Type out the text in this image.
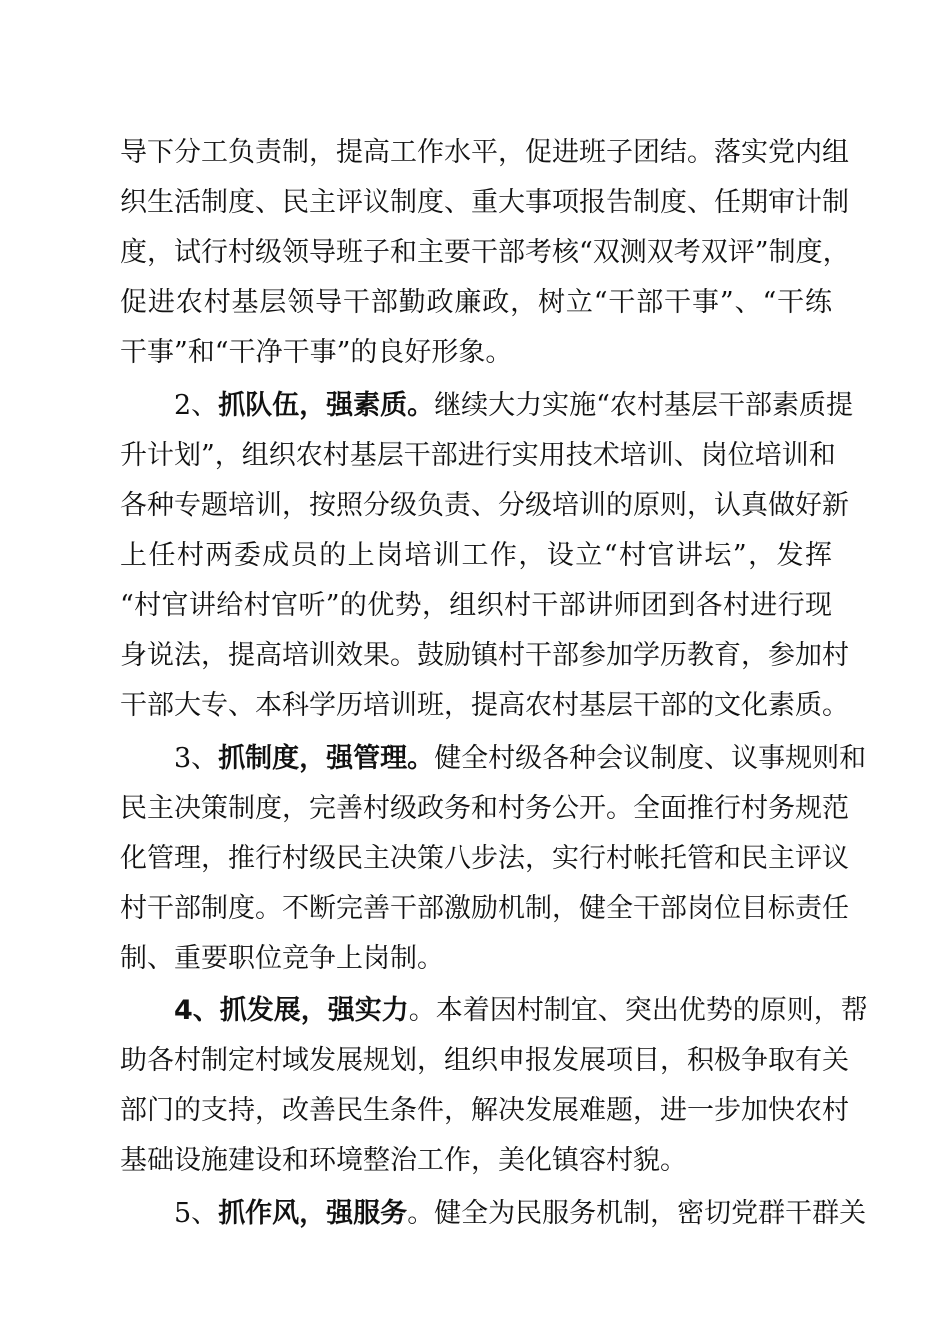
导下分工负责制，提高工作水平，促进班子团结。落实党内组
织生活制度、民主评议制度、重大事项报告制度、任期审计制
度，试行村级领导班子和主要干部考核“双测双考双评”制度，
促进农村基层领导干部勤政廉政，树立“干部干事”、“干练
干事”和“干净干事”的良好形象。
2、抓队伍，强素质。继续大力实施“农村基层干部素质提
升计划”，组织农村基层干部进行实用技术培训、岗位培训和
各种专题培训，按照分级负责、分级培训的原则，认真做好新
上任村两委成员的上岗培训工作，设立“村官讲坛”，发挥
“村官讲给村官听”的优势，组织村干部讲师团到各村进行现
身说法，提高培训效果。鼓励镇村干部参加学历教育，参加村
干部大专、本科学历培训班，提高农村基层干部的文化素质。
3、抓制度，强管理。健全村级各种会议制度、议事规则和
民主决策制度，完善村级政务和村务公开。全面推行村务规范
化管理，推行村级民主决策八步法，实行村帐托管和民主评议
村干部制度。不断完善干部激励机制，健全干部岗位目标责任
制、重要职位竞争上岗制。
4、抓发展，强实力。本着因村制宜、突出优势的原则，帮
助各村制定村域发展规划，组织申报发展项目，积极争取有关
部门的支持，改善民生条件，解决发展难题，进一步加快农村
基础设施建设和环境整治工作，美化镇容村貌。
5、抓作风，强服务。健全为民服务机制，密切党群干群关
